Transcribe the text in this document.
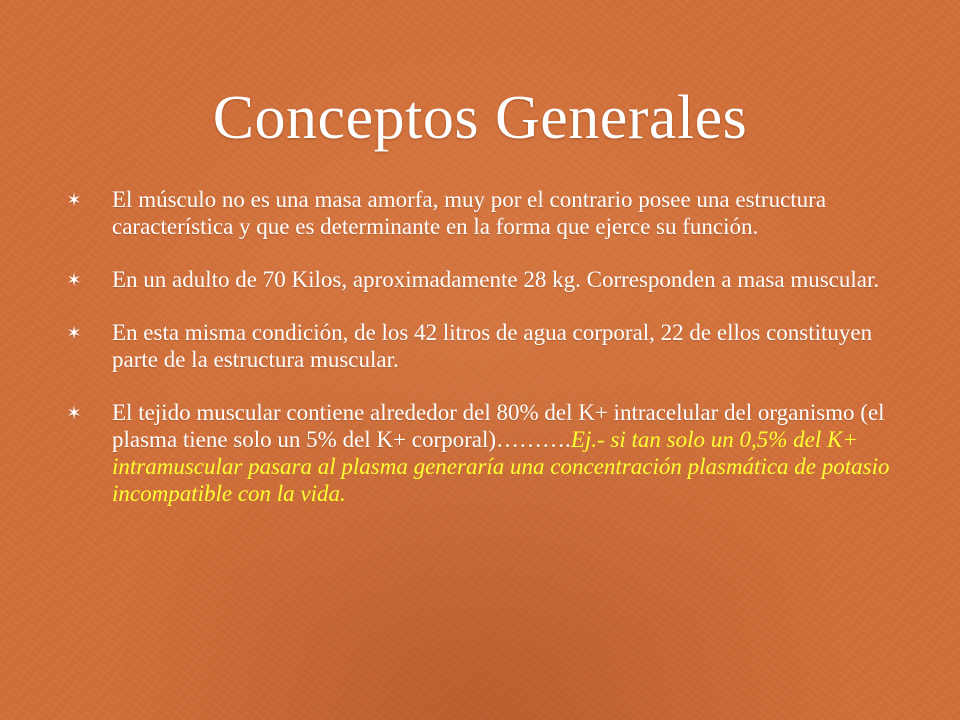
Conceptos Generales
✶ El músculo no es una masa amorfa, muy por el contrario posee una estructura característica y que es determinante en la forma que ejerce su función.
✶ En un adulto de 70 Kilos, aproximadamente 28 kg. Corresponden a masa muscular.
✶ En esta misma condición, de los 42 litros de agua corporal, 22 de ellos constituyen parte de la estructura muscular.
✶ El tejido muscular contiene alrededor del 80% del K+ intracelular del organismo (el plasma tiene solo un 5% del K+ corporal)……….Ej.- si tan solo un 0,5% del K+ intramuscular pasara al plasma generaría una concentración plasmática de potasio incompatible con la vida.
